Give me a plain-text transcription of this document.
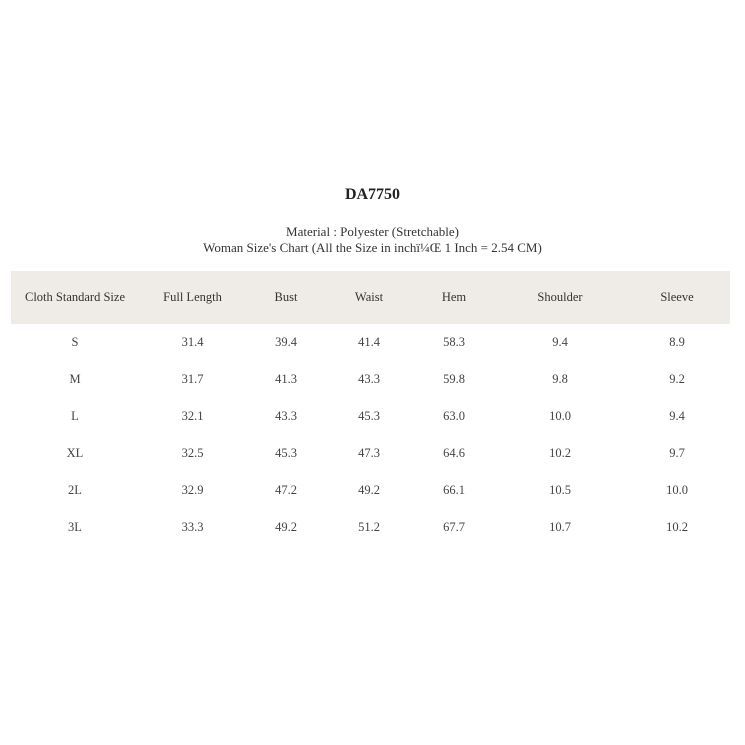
DA7750
Material : Polyester (Stretchable)
Woman Size's Chart (All the Size in inchï¼Œ 1 Inch = 2.54 CM)
Cloth Standard Size	Full Length	Bust	Waist	Hem	Shoulder	Sleeve
S	31.4	39.4	41.4	58.3	9.4	8.9
M	31.7	41.3	43.3	59.8	9.8	9.2
L	32.1	43.3	45.3	63.0	10.0	9.4
XL	32.5	45.3	47.3	64.6	10.2	9.7
2L	32.9	47.2	49.2	66.1	10.5	10.0
3L	33.3	49.2	51.2	67.7	10.7	10.2
